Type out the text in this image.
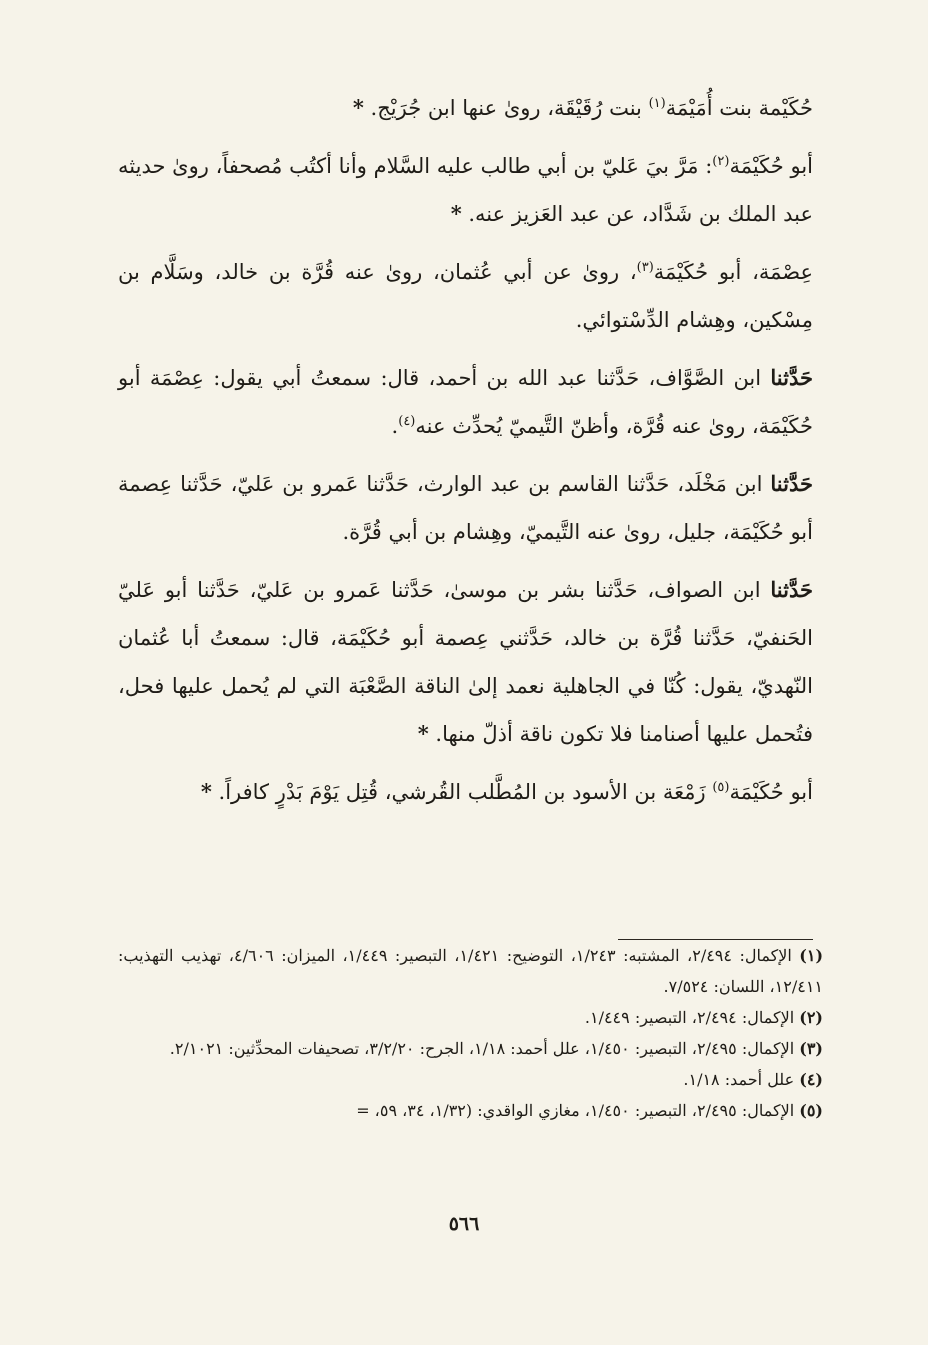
حُكَيْمة بنت أُمَيْمَة$^{(١)}$ بنت رُقَيْقَة، روىٰ عنها ابن جُرَيْج. *

أبو حُكَيْمَة$^{(٢)}$: مَرَّ بيَ عَليّ بن أبي طالب عليه السَّلام وأنا أكتُب مُصحفاً، روىٰ حديثه عبد الملك بن شَدَّاد، عن عبد العَزيز عنه. *

عِصْمَة، أبو حُكَيْمَة$^{(٣)}$، روىٰ عن أبي عُثمان، روىٰ عنه قُرَّة بن خالد، وسَلَّام بن مِسْكين، وهِشام الدِّسْتوائي.

حَدَّثنا ابن الصَّوَّاف، حَدَّثنا عبد الله بن أحمد، قال: سمعتُ أبي يقول: عِصْمَة أبو حُكَيْمَة، روىٰ عنه قُرَّة، وأظنّ التَّيميّ يُحدِّث عنه$^{(٤)}$.

حَدَّثنا ابن مَخْلَد، حَدَّثنا القاسم بن عبد الوارث، حَدَّثنا عَمرو بن عَليّ، حَدَّثنا عِصمة أبو حُكَيْمَة، جليل، روىٰ عنه التَّيميّ، وهِشام بن أبي قُرَّة.

حَدَّثنا ابن الصواف، حَدَّثنا بشر بن موسىٰ، حَدَّثنا عَمرو بن عَليّ، حَدَّثنا أبو عَليّ الحَنفيّ، حَدَّثنا قُرَّة بن خالد، حَدَّثني عِصمة أبو حُكَيْمَة، قال: سمعتُ أبا عُثمان النّهديّ، يقول: كُنّا في الجاهلية نعمد إلىٰ الناقة الصَّعْبَة التي لم يُحمل عليها فحل، فتُحمل عليها أصنامنا فلا تكون ناقة أذلّ منها. *

أبو حُكَيْمَة$^{(٥)}$ زَمْعَة بن الأسود بن المُطَّلب القُرشي، قُتِل يَوْمَ بَدْرٍ كافراً. *

(١) الإكمال: ٢/٤٩٤، المشتبه: ١/٢٤٣، التوضيح: ١/٤٢١، التبصير: ١/٤٤٩، الميزان: ٤/٦٠٦، تهذيب التهذيب: ١٢/٤١١، اللسان: ٧/٥٢٤.
(٢) الإكمال: ٢/٤٩٤، التبصير: ١/٤٤٩.
(٣) الإكمال: ٢/٤٩٥، التبصير: ١/٤٥٠، علل أحمد: ١/١٨، الجرح: ٣/٢/٢٠، تصحيفات المحدِّثين: ٢/١٠٢١.
(٤) علل أحمد: ١/١٨.
(٥) الإكمال: ٢/٤٩٥، التبصير: ١/٤٥٠، مغازي الواقدي: (١/٣٢، ٣٤، ٥٩، =
٥٦٦
